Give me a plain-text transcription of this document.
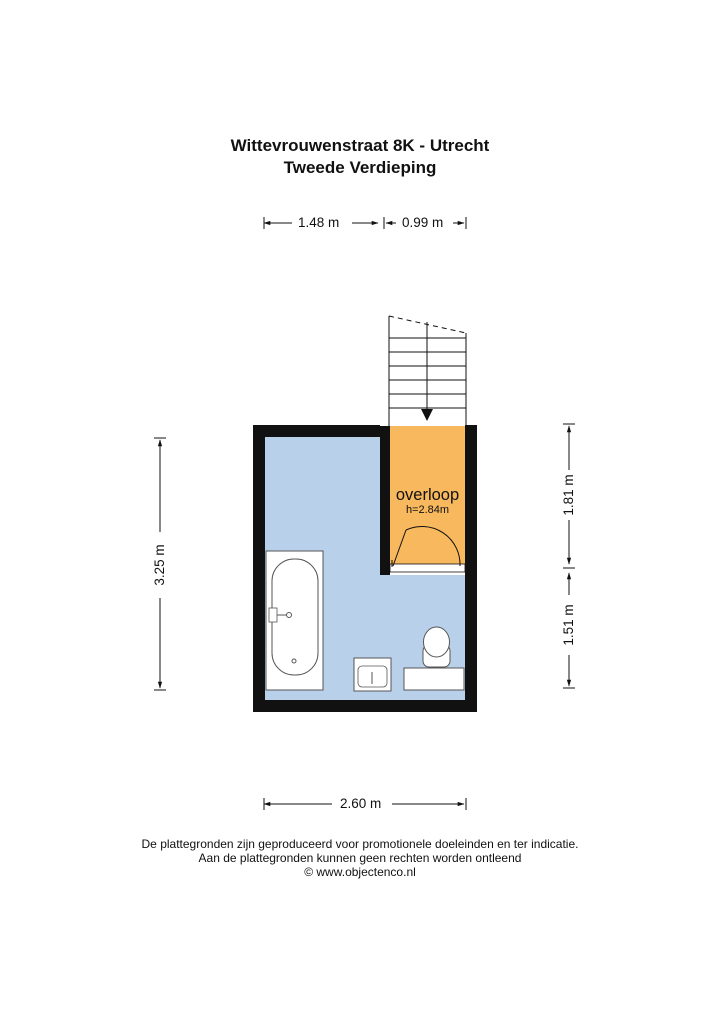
Wittevrouwenstraat 8K - Utrecht
Tweede Verdieping
1.48 m	0.99 m
3.25 m
1.81 m
1.51 m
2.60 m
overloop
h=2.84m
De plattegronden zijn geproduceerd voor promotionele doeleinden en ter indicatie.
Aan de plattegronden kunnen geen rechten worden ontleend
© www.objectenco.nl
